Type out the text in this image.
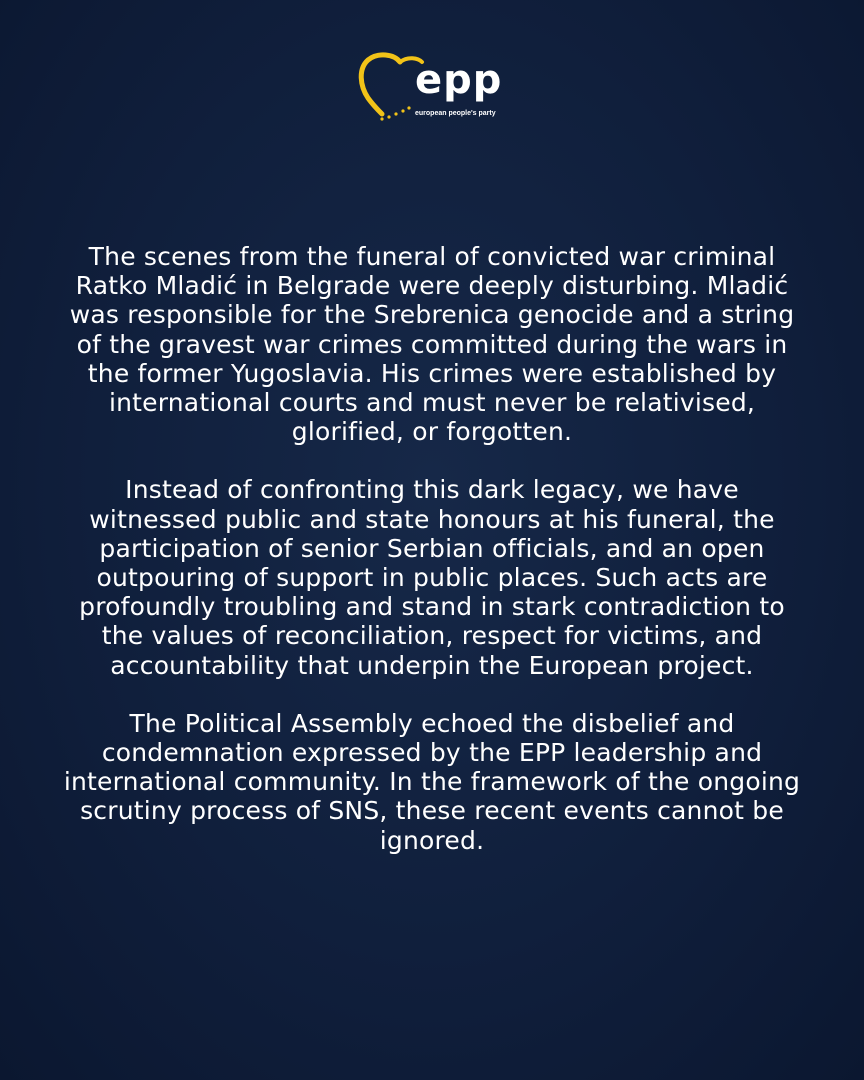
epp
european people's party

The scenes from the funeral of convicted war criminal Ratko Mladić in Belgrade were deeply disturbing. Mladić was responsible for the Srebrenica genocide and a string of the gravest war crimes committed during the wars in the former Yugoslavia. His crimes were established by international courts and must never be relativised, glorified, or forgotten.

Instead of confronting this dark legacy, we have witnessed public and state honours at his funeral, the participation of senior Serbian officials, and an open outpouring of support in public places. Such acts are profoundly troubling and stand in stark contradiction to the values of reconciliation, respect for victims, and accountability that underpin the European project.

The Political Assembly echoed the disbelief and condemnation expressed by the EPP leadership and international community. In the framework of the ongoing scrutiny process of SNS, these recent events cannot be ignored.
